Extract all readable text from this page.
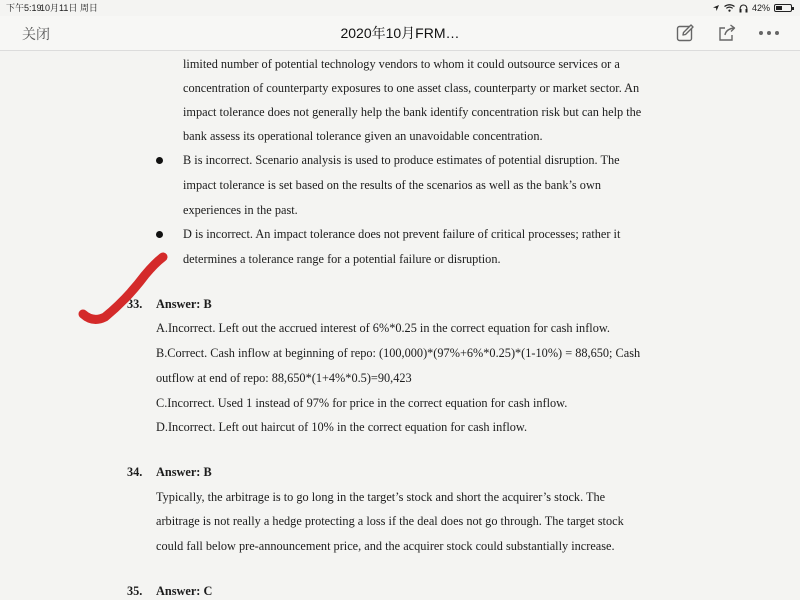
下午5:19
10月11日 周日	42%
关闭	2020年10月FRM…
limited number of potential technology vendors to whom it could outsource services or a
concentration of counterparty exposures to one asset class, counterparty or market sector. An
impact tolerance does not generally help the bank identify concentration risk but can help the
bank assess its operational tolerance given an unavoidable concentration.
B is incorrect. Scenario analysis is used to produce estimates of potential disruption. The
impact tolerance is set based on the results of the scenarios as well as the bank’s own
experiences in the past.
D is incorrect. An impact tolerance does not prevent failure of critical processes; rather it
determines a tolerance range for a potential failure or disruption.
33. Answer: B
A.Incorrect. Left out the accrued interest of 6%*0.25 in the correct equation for cash inflow.
B.Correct. Cash inflow at beginning of repo: (100,000)*(97%+6%*0.25)*(1-10%) = 88,650; Cash
outflow at end of repo: 88,650*(1+4%*0.5)=90,423
C.Incorrect. Used 1 instead of 97% for price in the correct equation for cash inflow.
D.Incorrect. Left out haircut of 10% in the correct equation for cash inflow.
34. Answer: B
Typically, the arbitrage is to go long in the target’s stock and short the acquirer’s stock. The
arbitrage is not really a hedge protecting a loss if the deal does not go through. The target stock
could fall below pre-announcement price, and the acquirer stock could substantially increase.
35. Answer: C
